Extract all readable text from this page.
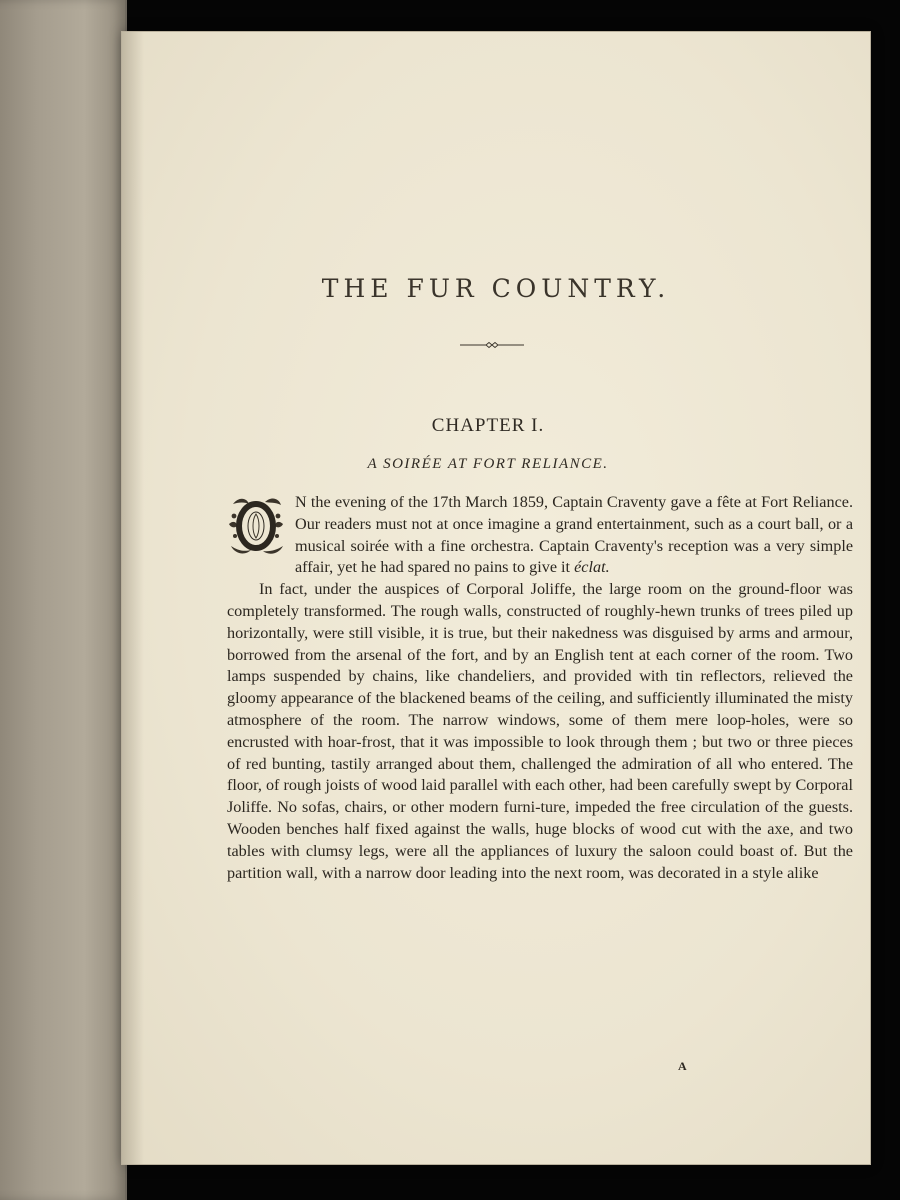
THE FUR COUNTRY.
CHAPTER I.
A SOIRÉE AT FORT RELIANCE.

N the evening of the 17th March 1859, Captain Craventy gave a fête at Fort Reliance. Our readers must not at once imagine a grand entertainment, such as a court ball, or a musical soirée with a fine orchestra. Captain Craventy's reception was a very simple affair, yet he had spared no pains to give it éclat.

In fact, under the auspices of Corporal Joliffe, the large room on the ground-floor was completely transformed. The rough walls, constructed of roughly-hewn trunks of trees piled up horizontally, were still visible, it is true, but their nakedness was disguised by arms and armour, borrowed from the arsenal of the fort, and by an English tent at each corner of the room. Two lamps suspended by chains, like chandeliers, and provided with tin reflectors, relieved the gloomy appearance of the blackened beams of the ceiling, and sufficiently illuminated the misty atmosphere of the room. The narrow windows, some of them mere loop-holes, were so encrusted with hoar-frost, that it was impossible to look through them ; but two or three pieces of red bunting, tastily arranged about them, challenged the admiration of all who entered. The floor, of rough joists of wood laid parallel with each other, had been carefully swept by Corporal Joliffe. No sofas, chairs, or other modern furni-ture, impeded the free circulation of the guests. Wooden benches half fixed against the walls, huge blocks of wood cut with the axe, and two tables with clumsy legs, were all the appliances of luxury the saloon could boast of. But the partition wall, with a narrow door leading into the next room, was decorated in a style alike

A
